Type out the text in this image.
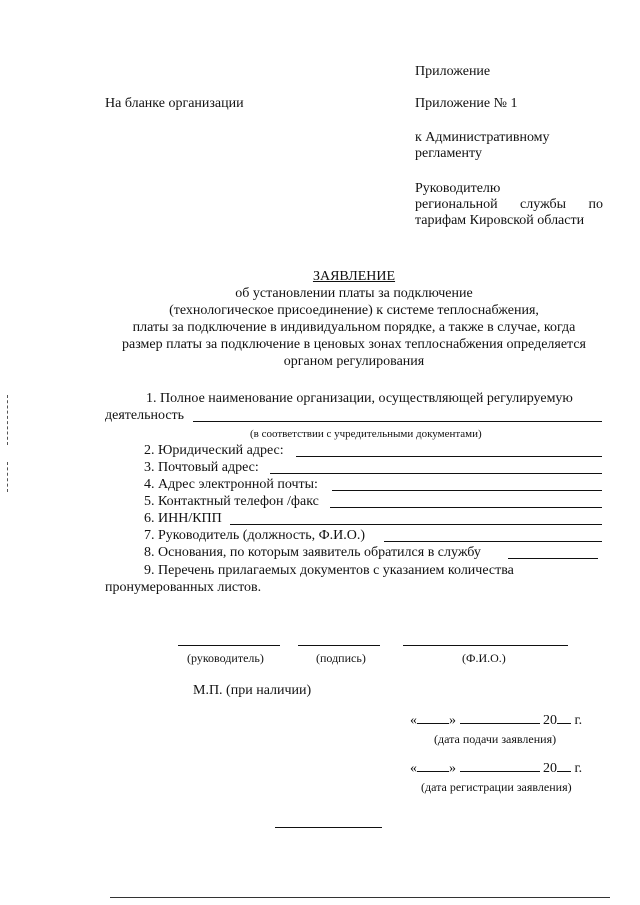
Приложение
На бланке организации	Приложение № 1
к Административному
регламенту
Руководителю
региональной службы по
тарифам Кировской области
ЗАЯВЛЕНИЕ
об установлении платы за подключение
(технологическое присоединение) к системе теплоснабжения,
платы за подключение в индивидуальном порядке, а также в случае, когда
размер платы за подключение в ценовых зонах теплоснабжения определяется
органом регулирования
1. Полное наименование организации, осуществляющей регулируемую
деятельность
(в соответствии с учредительными документами)
2. Юридический адрес:
3. Почтовый адрес:
4. Адрес электронной почты:
5. Контактный телефон /факс
6. ИНН/КПП
7. Руководитель (должность, Ф.И.О.)
8. Основания, по которым заявитель обратился в службу
9. Перечень прилагаемых документов с указанием количества
пронумерованных листов.
(руководитель)	(подпись)	(Ф.И.О.)
М.П. (при наличии)
« »	20 г.
(дата подачи заявления)
« »	20 г.
(дата регистрации заявления)
